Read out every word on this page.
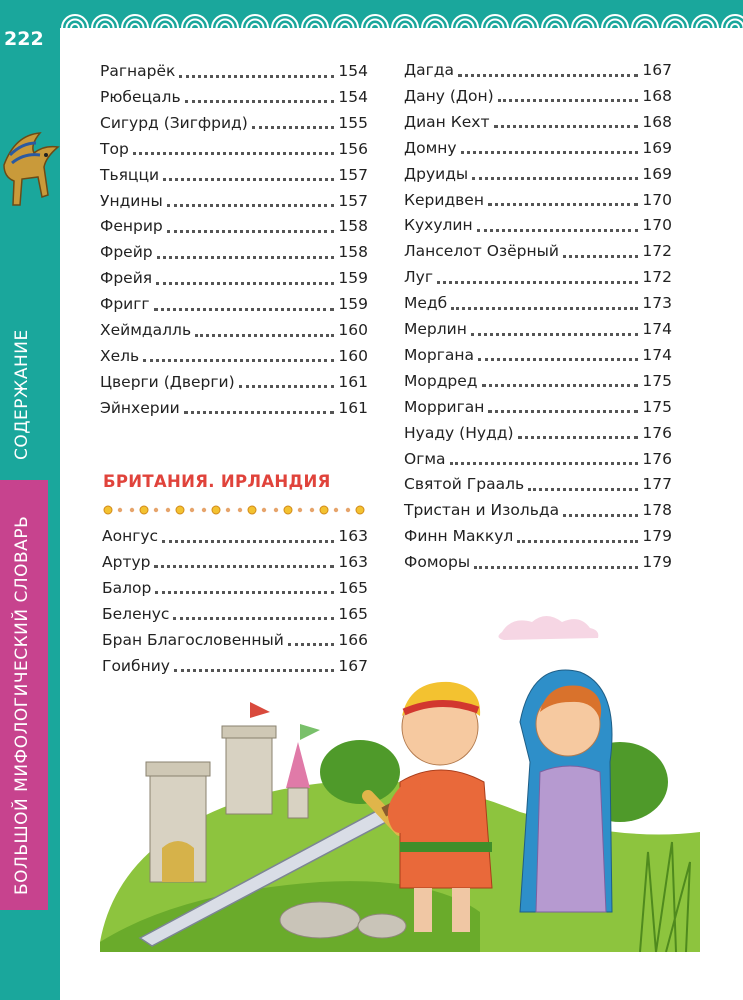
222
СОДЕРЖАНИЕ
БОЛЬШОЙ МИФОЛОГИЧЕСКИЙ СЛОВАРЬ
Рагнарёк	154
Рюбецаль	154
Сигурд (Зигфрид)	155
Тор	156
Тьяцци	157
Ундины	157
Фенрир	158
Фрейр	158
Фрейя	159
Фригг	159
Хеймдалль	160
Хель	160
Цверги (Дверги)	161
Эйнхерии	161
Аонгус	163
Артур	163
Балор	165
Беленус	165
Бран Благословенный	166
Гоибниу	167
Дагда	167
Дану (Дон)	168
Диан Кехт	168
Домну	169
Друиды	169
Керидвен	170
Кухулин	170
Ланселот Озёрный	172
Луг	172
Медб	173
Мерлин	174
Моргана	174
Мордред	175
Морриган	175
Нуаду (Нудд)	176
Огма	176
Святой Грааль	177
Тристан и Изольда	178
Финн Маккул	179
Фоморы	179
БРИТАНИЯ. ИРЛАНДИЯ
